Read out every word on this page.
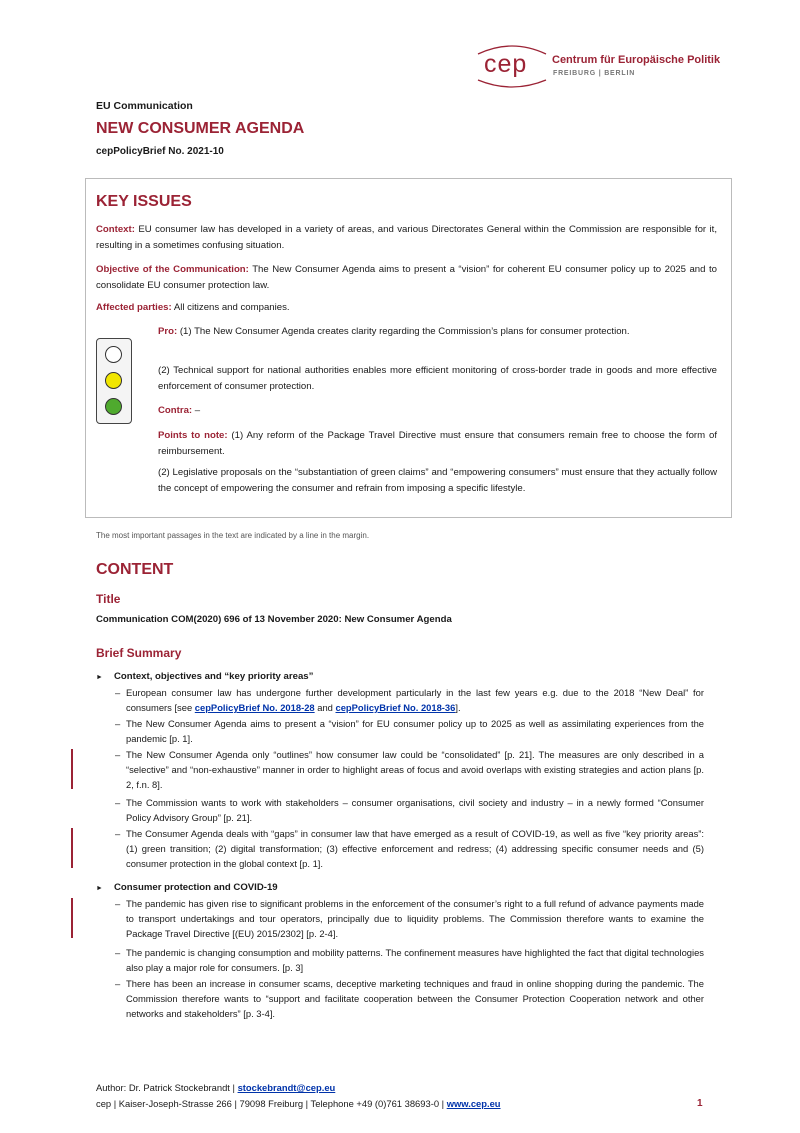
cep Centrum für Europäische Politik
FREIBURG | BERLIN
EU Communication
NEW CONSUMER AGENDA
cepPolicyBrief No. 2021-10
KEY ISSUES

Context: EU consumer law has developed in a variety of areas, and various Directorates General within the Commission are responsible for it, resulting in a sometimes confusing situation.

Objective of the Communication: The New Consumer Agenda aims to present a “vision” for coherent EU consumer policy up to 2025 and to consolidate EU consumer protection law.

Affected parties: All citizens and companies.

Pro: (1) The New Consumer Agenda creates clarity regarding the Commission’s plans for consumer protection.

(2) Technical support for national authorities enables more efficient monitoring of cross-border trade in goods and more effective enforcement of consumer protection.

Contra: –

Points to note: (1) Any reform of the Package Travel Directive must ensure that consumers remain free to choose the form of reimbursement.

(2) Legislative proposals on the “substantiation of green claims” and “empowering consumers” must ensure that they actually follow the concept of empowering the consumer and refrain from imposing a specific lifestyle.

The most important passages in the text are indicated by a line in the margin.
CONTENT
Title
Communication COM(2020) 696 of 13 November 2020: New Consumer Agenda
Brief Summary
► Context, objectives and “key priority areas”

– European consumer law has undergone further development particularly in the last few years e.g. due to the 2018 “New Deal” for consumers [see cepPolicyBrief No. 2018-28 and cepPolicyBrief No. 2018-36].

– The New Consumer Agenda aims to present a “vision” for EU consumer policy up to 2025 as well as assimilating experiences from the pandemic [p. 1].

– The New Consumer Agenda only “outlines” how consumer law could be “consolidated” [p. 21]. The measures are only described in a “selective” and “non-exhaustive” manner in order to highlight areas of focus and avoid overlaps with existing strategies and action plans [p. 2, f.n. 8].

– The Commission wants to work with stakeholders – consumer organisations, civil society and industry – in a newly formed “Consumer Policy Advisory Group” [p. 21].

– The Consumer Agenda deals with “gaps” in consumer law that have emerged as a result of COVID-19, as well as five “key priority areas”: (1) green transition; (2) digital transformation; (3) effective enforcement and redress; (4) addressing specific consumer needs and (5) consumer protection in the global context [p. 1].

► Consumer protection and COVID-19

– The pandemic has given rise to significant problems in the enforcement of the consumer’s right to a full refund of advance payments made to transport undertakings and tour operators, principally due to liquidity problems. The Commission therefore wants to examine the Package Travel Directive [(EU) 2015/2302] [p. 2-4].

– The pandemic is changing consumption and mobility patterns. The confinement measures have highlighted the fact that digital technologies also play a major role for consumers. [p. 3]

– There has been an increase in consumer scams, deceptive marketing techniques and fraud in online shopping during the pandemic. The Commission therefore wants to “support and facilitate cooperation between the Consumer Protection Cooperation network and other networks and stakeholders” [p. 3-4].

Author: Dr. Patrick Stockebrandt | stockebrandt@cep.eu
cep | Kaiser-Joseph-Strasse 266 | 79098 Freiburg | Telephone +49 (0)761 38693-0 | www.cep.eu	1
